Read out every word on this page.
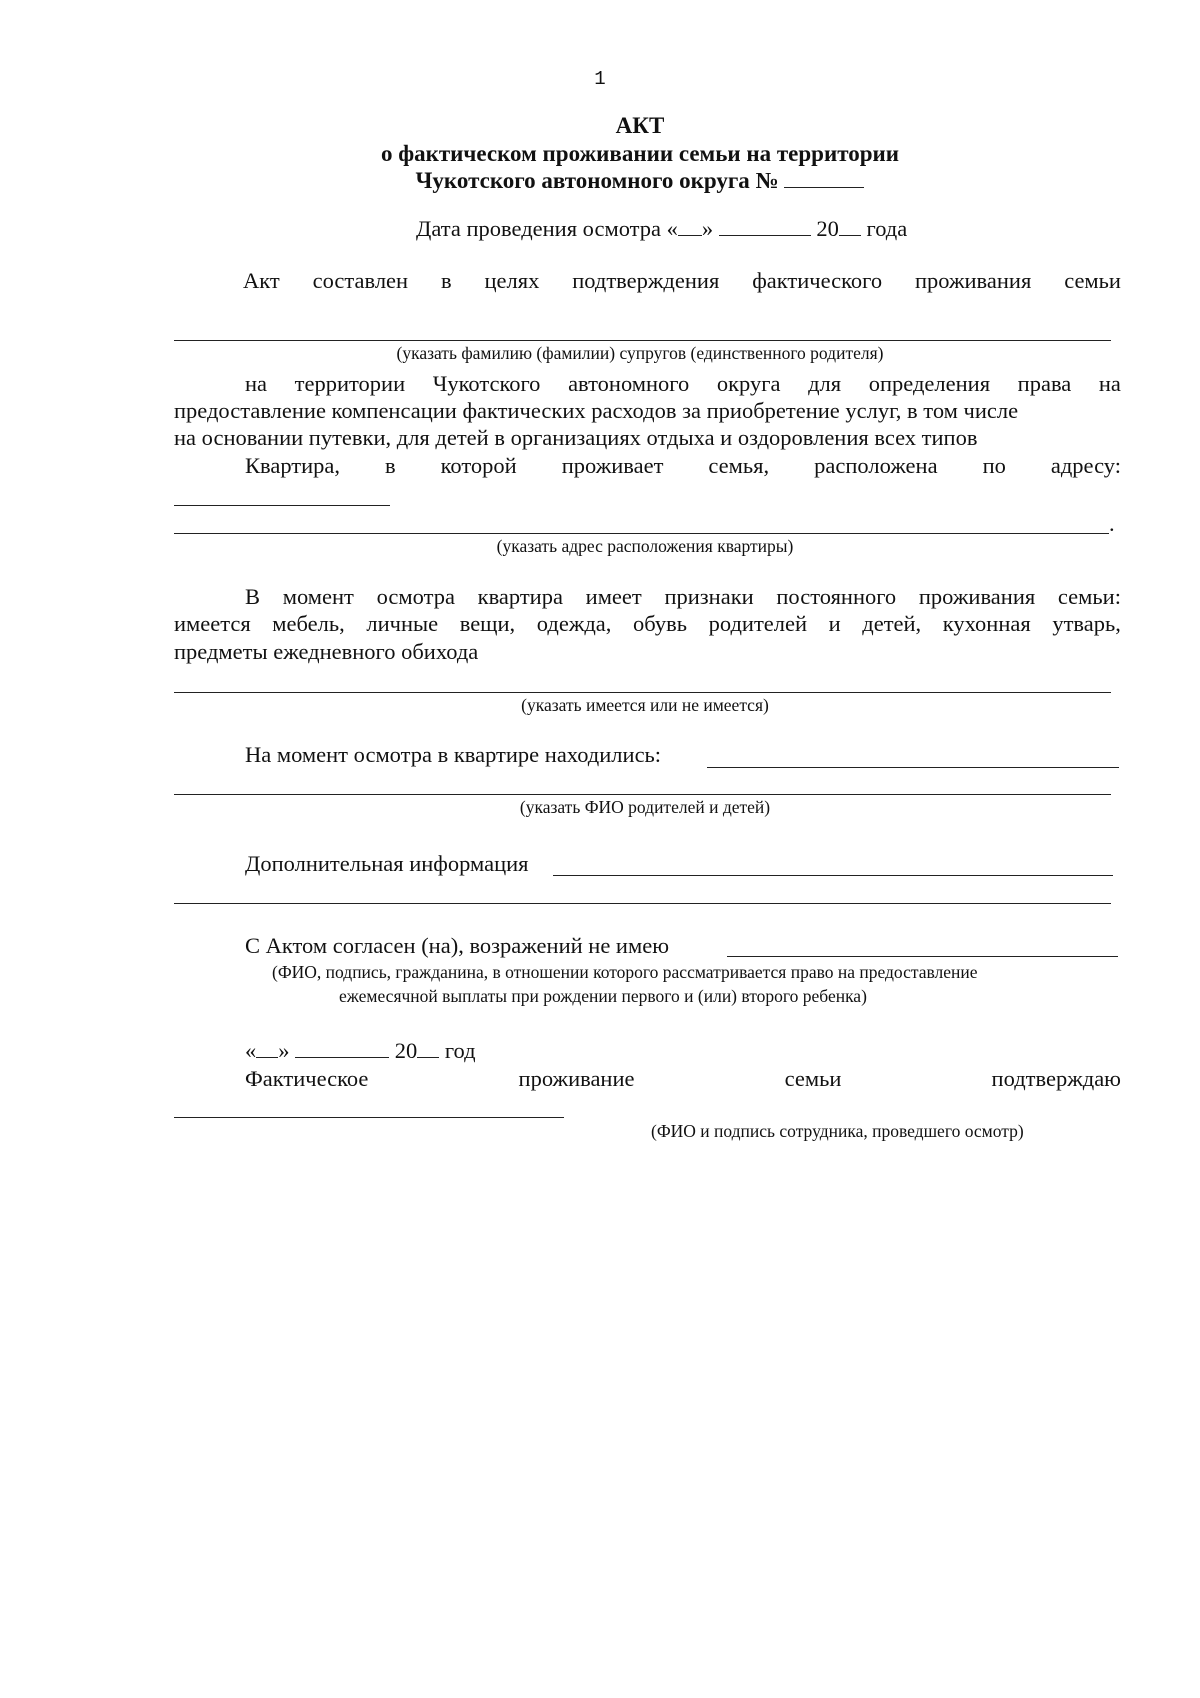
1
АКТ
о фактическом проживании семьи на территории
Чукотского автономного округа №
Дата проведения осмотра « »	20 года
Акт составлен в целях подтверждения фактического проживания семьи
(указать фамилию (фамилии) супругов (единственного родителя)
на территории Чукотского автономного округа для определения права на
предоставление компенсации фактических расходов за приобретение услуг, в том числе
на основании путевки, для детей в организациях отдыха и оздоровления всех типов
Квартира, в которой проживает семья, расположена по адресу:
.
(указать адрес расположения квартиры)
В момент осмотра квартира имеет признаки постоянного проживания семьи:
имеется мебель, личные вещи, одежда, обувь родителей и детей, кухонная утварь,
предметы ежедневного обихода
(указать имеется или не имеется)
На момент осмотра в квартире находились:
(указать ФИО родителей и детей)
Дополнительная информация
С Актом согласен (на), возражений не имею
(ФИО, подпись, гражданина, в отношении которого рассматривается право на предоставление
ежемесячной выплаты при рождении первого и (или) второго ребенка)
« »	20 год
Фактическое	проживание	семьи	подтверждаю
(ФИО и подпись сотрудника, проведшего осмотр)
